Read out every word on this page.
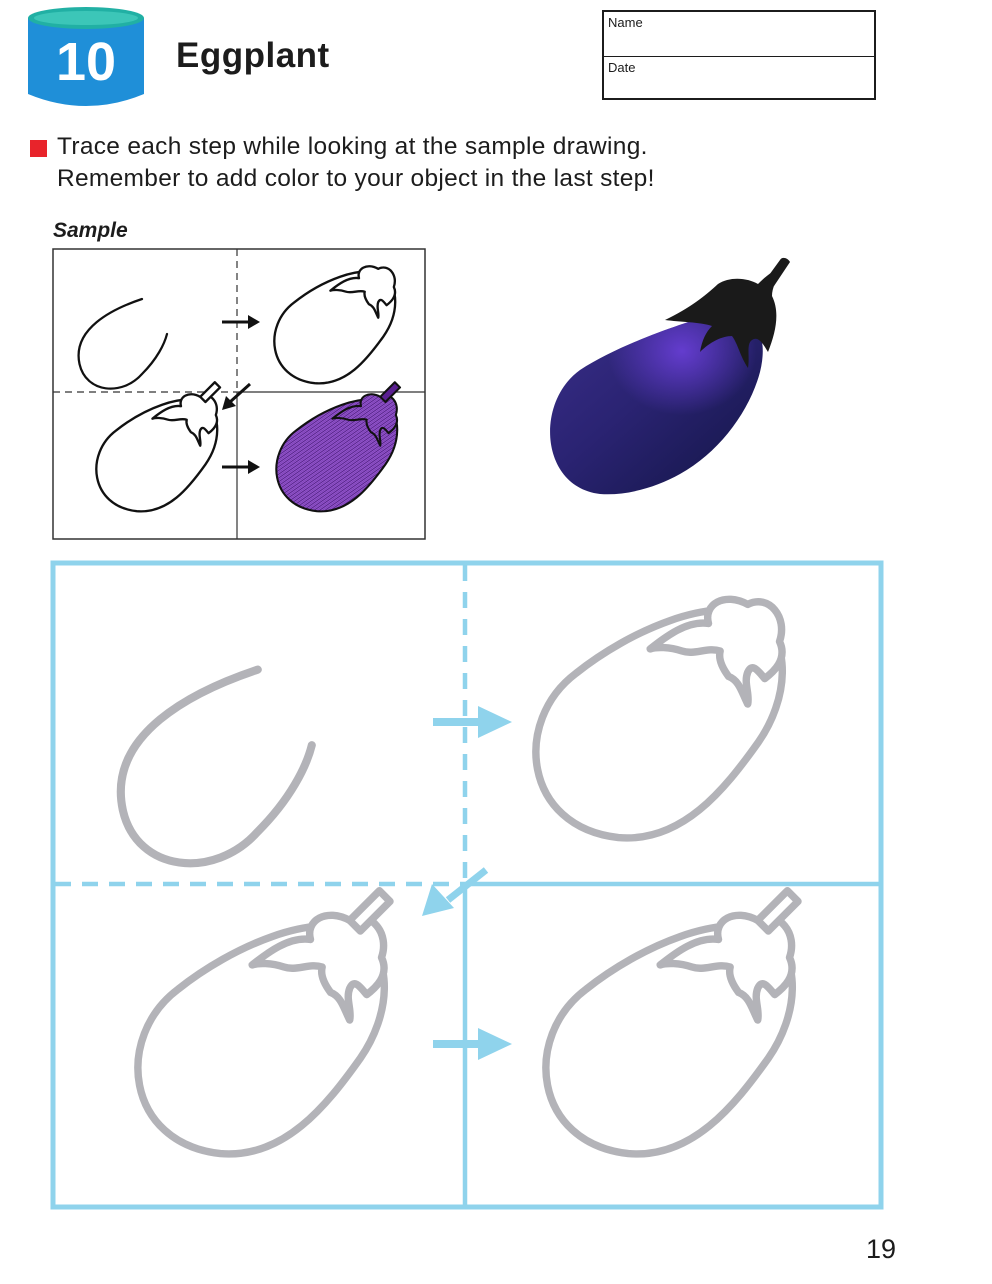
10 Eggplant
Name
Date
Trace each step while looking at the sample drawing.
Remember to add color to your object in the last step!
Sample
19
